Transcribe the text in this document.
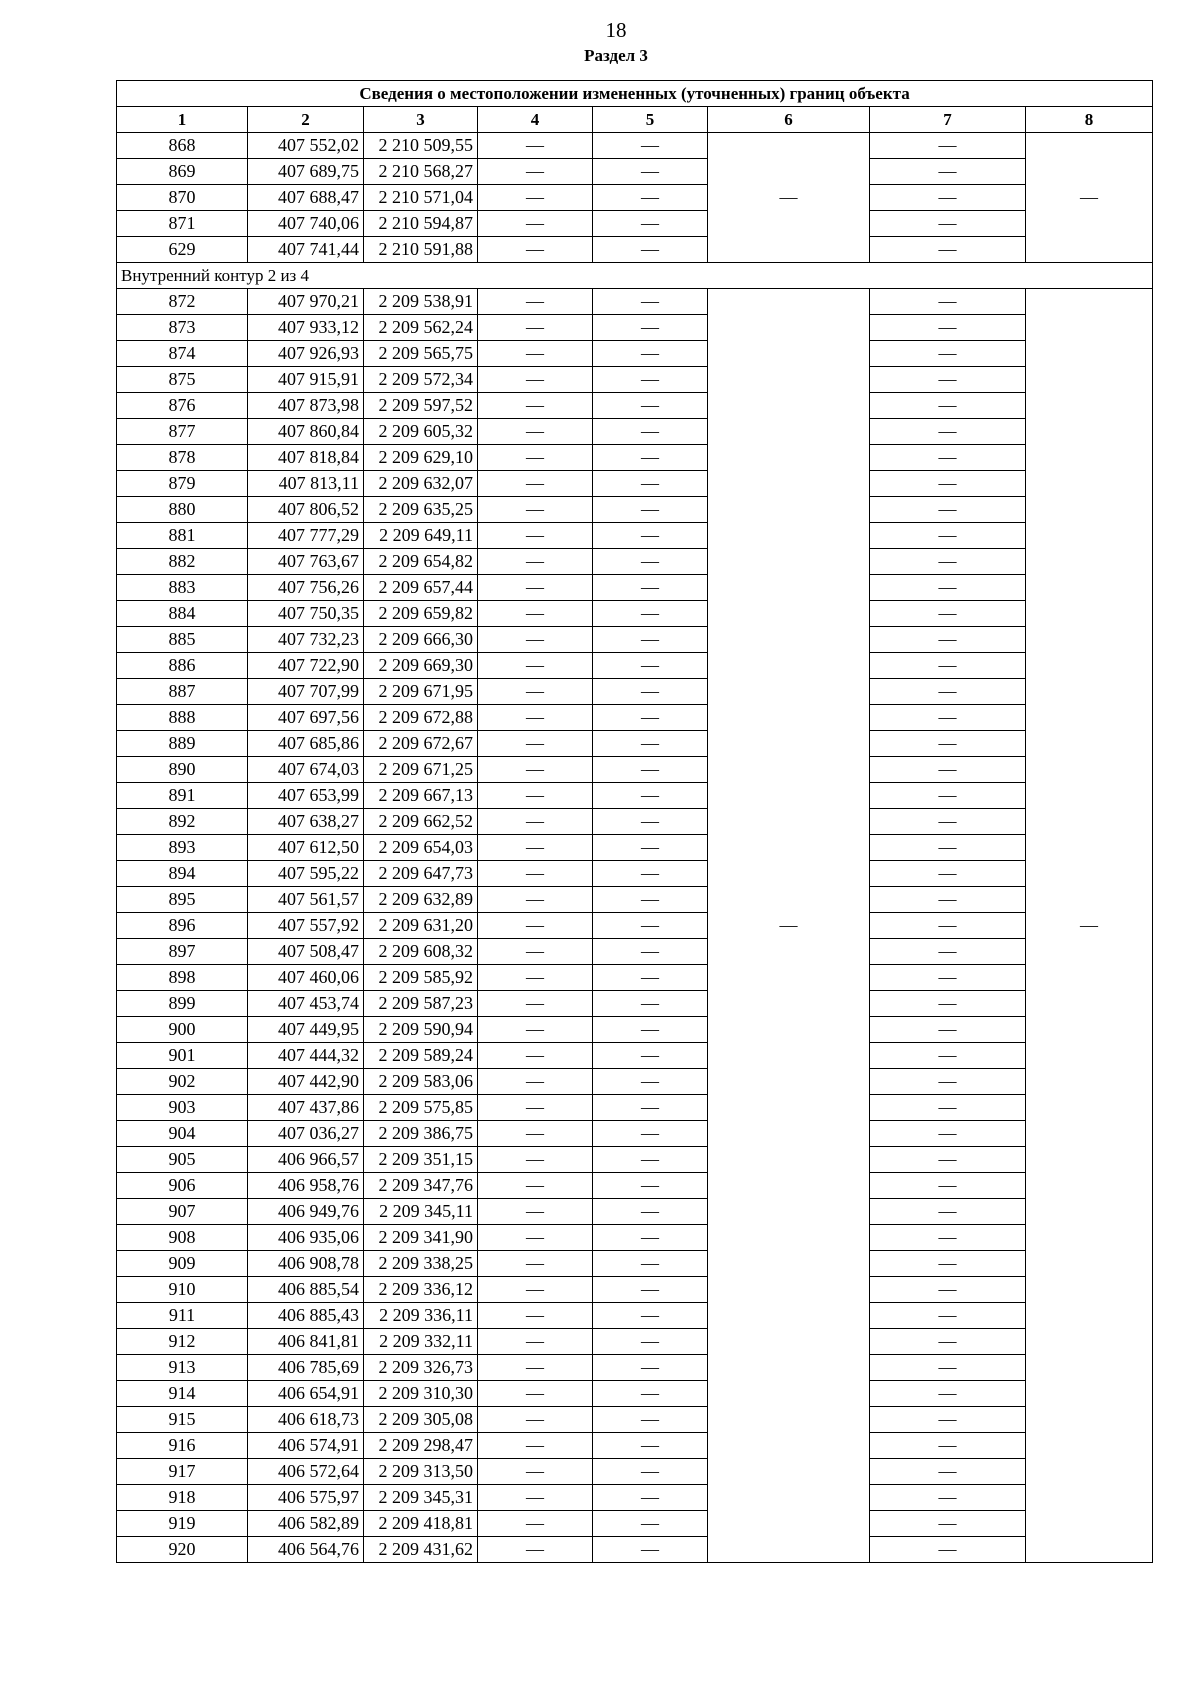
18
Раздел 3
Сведения о местоположении измененных (уточненных) границ объекта							
1	2	3	4	5	6	7	8
868	407 552,02	2 210 509,55	—	—	—	—	—
869	407 689,75	2 210 568,27	—	—		—	
870	407 688,47	2 210 571,04	—	—		—	
871	407 740,06	2 210 594,87	—	—		—	
629	407 741,44	2 210 591,88	—	—		—	
Внутренний контур 2 из 4							
872	407 970,21	2 209 538,91	—	—	—	—	—
873	407 933,12	2 209 562,24	—	—		—	
874	407 926,93	2 209 565,75	—	—		—	
875	407 915,91	2 209 572,34	—	—		—	
876	407 873,98	2 209 597,52	—	—		—	
877	407 860,84	2 209 605,32	—	—		—	
878	407 818,84	2 209 629,10	—	—		—	
879	407 813,11	2 209 632,07	—	—		—	
880	407 806,52	2 209 635,25	—	—		—	
881	407 777,29	2 209 649,11	—	—		—	
882	407 763,67	2 209 654,82	—	—		—	
883	407 756,26	2 209 657,44	—	—		—	
884	407 750,35	2 209 659,82	—	—		—	
885	407 732,23	2 209 666,30	—	—		—	
886	407 722,90	2 209 669,30	—	—		—	
887	407 707,99	2 209 671,95	—	—		—	
888	407 697,56	2 209 672,88	—	—		—	
889	407 685,86	2 209 672,67	—	—		—	
890	407 674,03	2 209 671,25	—	—		—	
891	407 653,99	2 209 667,13	—	—		—	
892	407 638,27	2 209 662,52	—	—		—	
893	407 612,50	2 209 654,03	—	—		—	
894	407 595,22	2 209 647,73	—	—		—	
895	407 561,57	2 209 632,89	—	—		—	
896	407 557,92	2 209 631,20	—	—		—	
897	407 508,47	2 209 608,32	—	—		—	
898	407 460,06	2 209 585,92	—	—		—	
899	407 453,74	2 209 587,23	—	—		—	
900	407 449,95	2 209 590,94	—	—		—	
901	407 444,32	2 209 589,24	—	—		—	
902	407 442,90	2 209 583,06	—	—		—	
903	407 437,86	2 209 575,85	—	—		—	
904	407 036,27	2 209 386,75	—	—		—	
905	406 966,57	2 209 351,15	—	—		—	
906	406 958,76	2 209 347,76	—	—		—	
907	406 949,76	2 209 345,11	—	—		—	
908	406 935,06	2 209 341,90	—	—		—	
909	406 908,78	2 209 338,25	—	—		—	
910	406 885,54	2 209 336,12	—	—		—	
911	406 885,43	2 209 336,11	—	—		—	
912	406 841,81	2 209 332,11	—	—		—	
913	406 785,69	2 209 326,73	—	—		—	
914	406 654,91	2 209 310,30	—	—		—	
915	406 618,73	2 209 305,08	—	—		—	
916	406 574,91	2 209 298,47	—	—		—	
917	406 572,64	2 209 313,50	—	—		—	
918	406 575,97	2 209 345,31	—	—		—	
919	406 582,89	2 209 418,81	—	—		—	
920	406 564,76	2 209 431,62	—	—		—	
